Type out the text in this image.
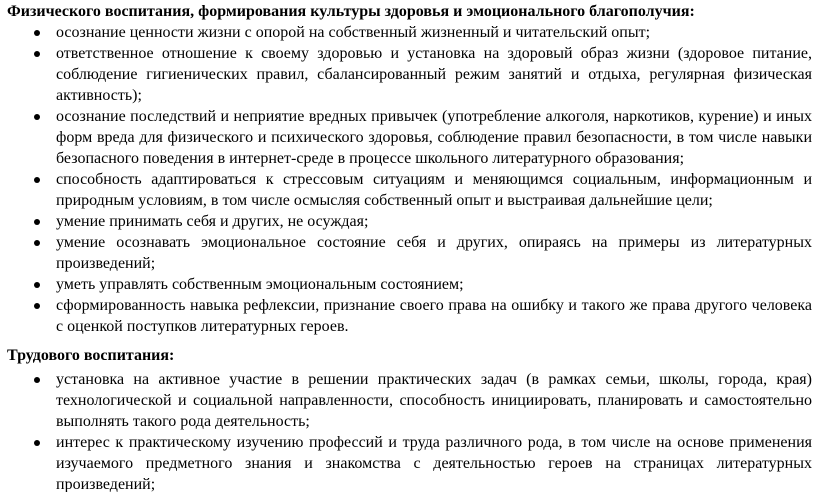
Физического воспитания, формирования культуры здоровья и эмоционального благополучия:
осознание ценности жизни с опорой на собственный жизненный и читательский опыт;
ответственное отношение к своему здоровью и установка на здоровый образ жизни (здоровое питание, соблюдение гигиенических правил, сбалансированный режим занятий и отдыха, регулярная физическая активность);
осознание последствий и неприятие вредных привычек (употребление алкоголя, наркотиков, курение) и иных форм вреда для физического и психического здоровья, соблюдение правил безопасности, в том числе навыки безопасного поведения в интернет-среде в процессе школьного литературного образования;
способность адаптироваться к стрессовым ситуациям и меняющимся социальным, информационным и природным условиям, в том числе осмысляя собственный опыт и выстраивая дальнейшие цели;
умение принимать себя и других, не осуждая;
умение осознавать эмоциональное состояние себя и других, опираясь на примеры из литературных произведений;
уметь управлять собственным эмоциональным состоянием;
сформированность навыка рефлексии, признание своего права на ошибку и такого же права другого человека с оценкой поступков литературных героев.
Трудового воспитания:
установка на активное участие в решении практических задач (в рамках семьи, школы, города, края) технологической и социальной направленности, способность инициировать, планировать и самостоятельно выполнять такого рода деятельность;
интерес к практическому изучению профессий и труда различного рода, в том числе на основе применения изучаемого предметного знания и знакомства с деятельностью героев на страницах литературных произведений;
